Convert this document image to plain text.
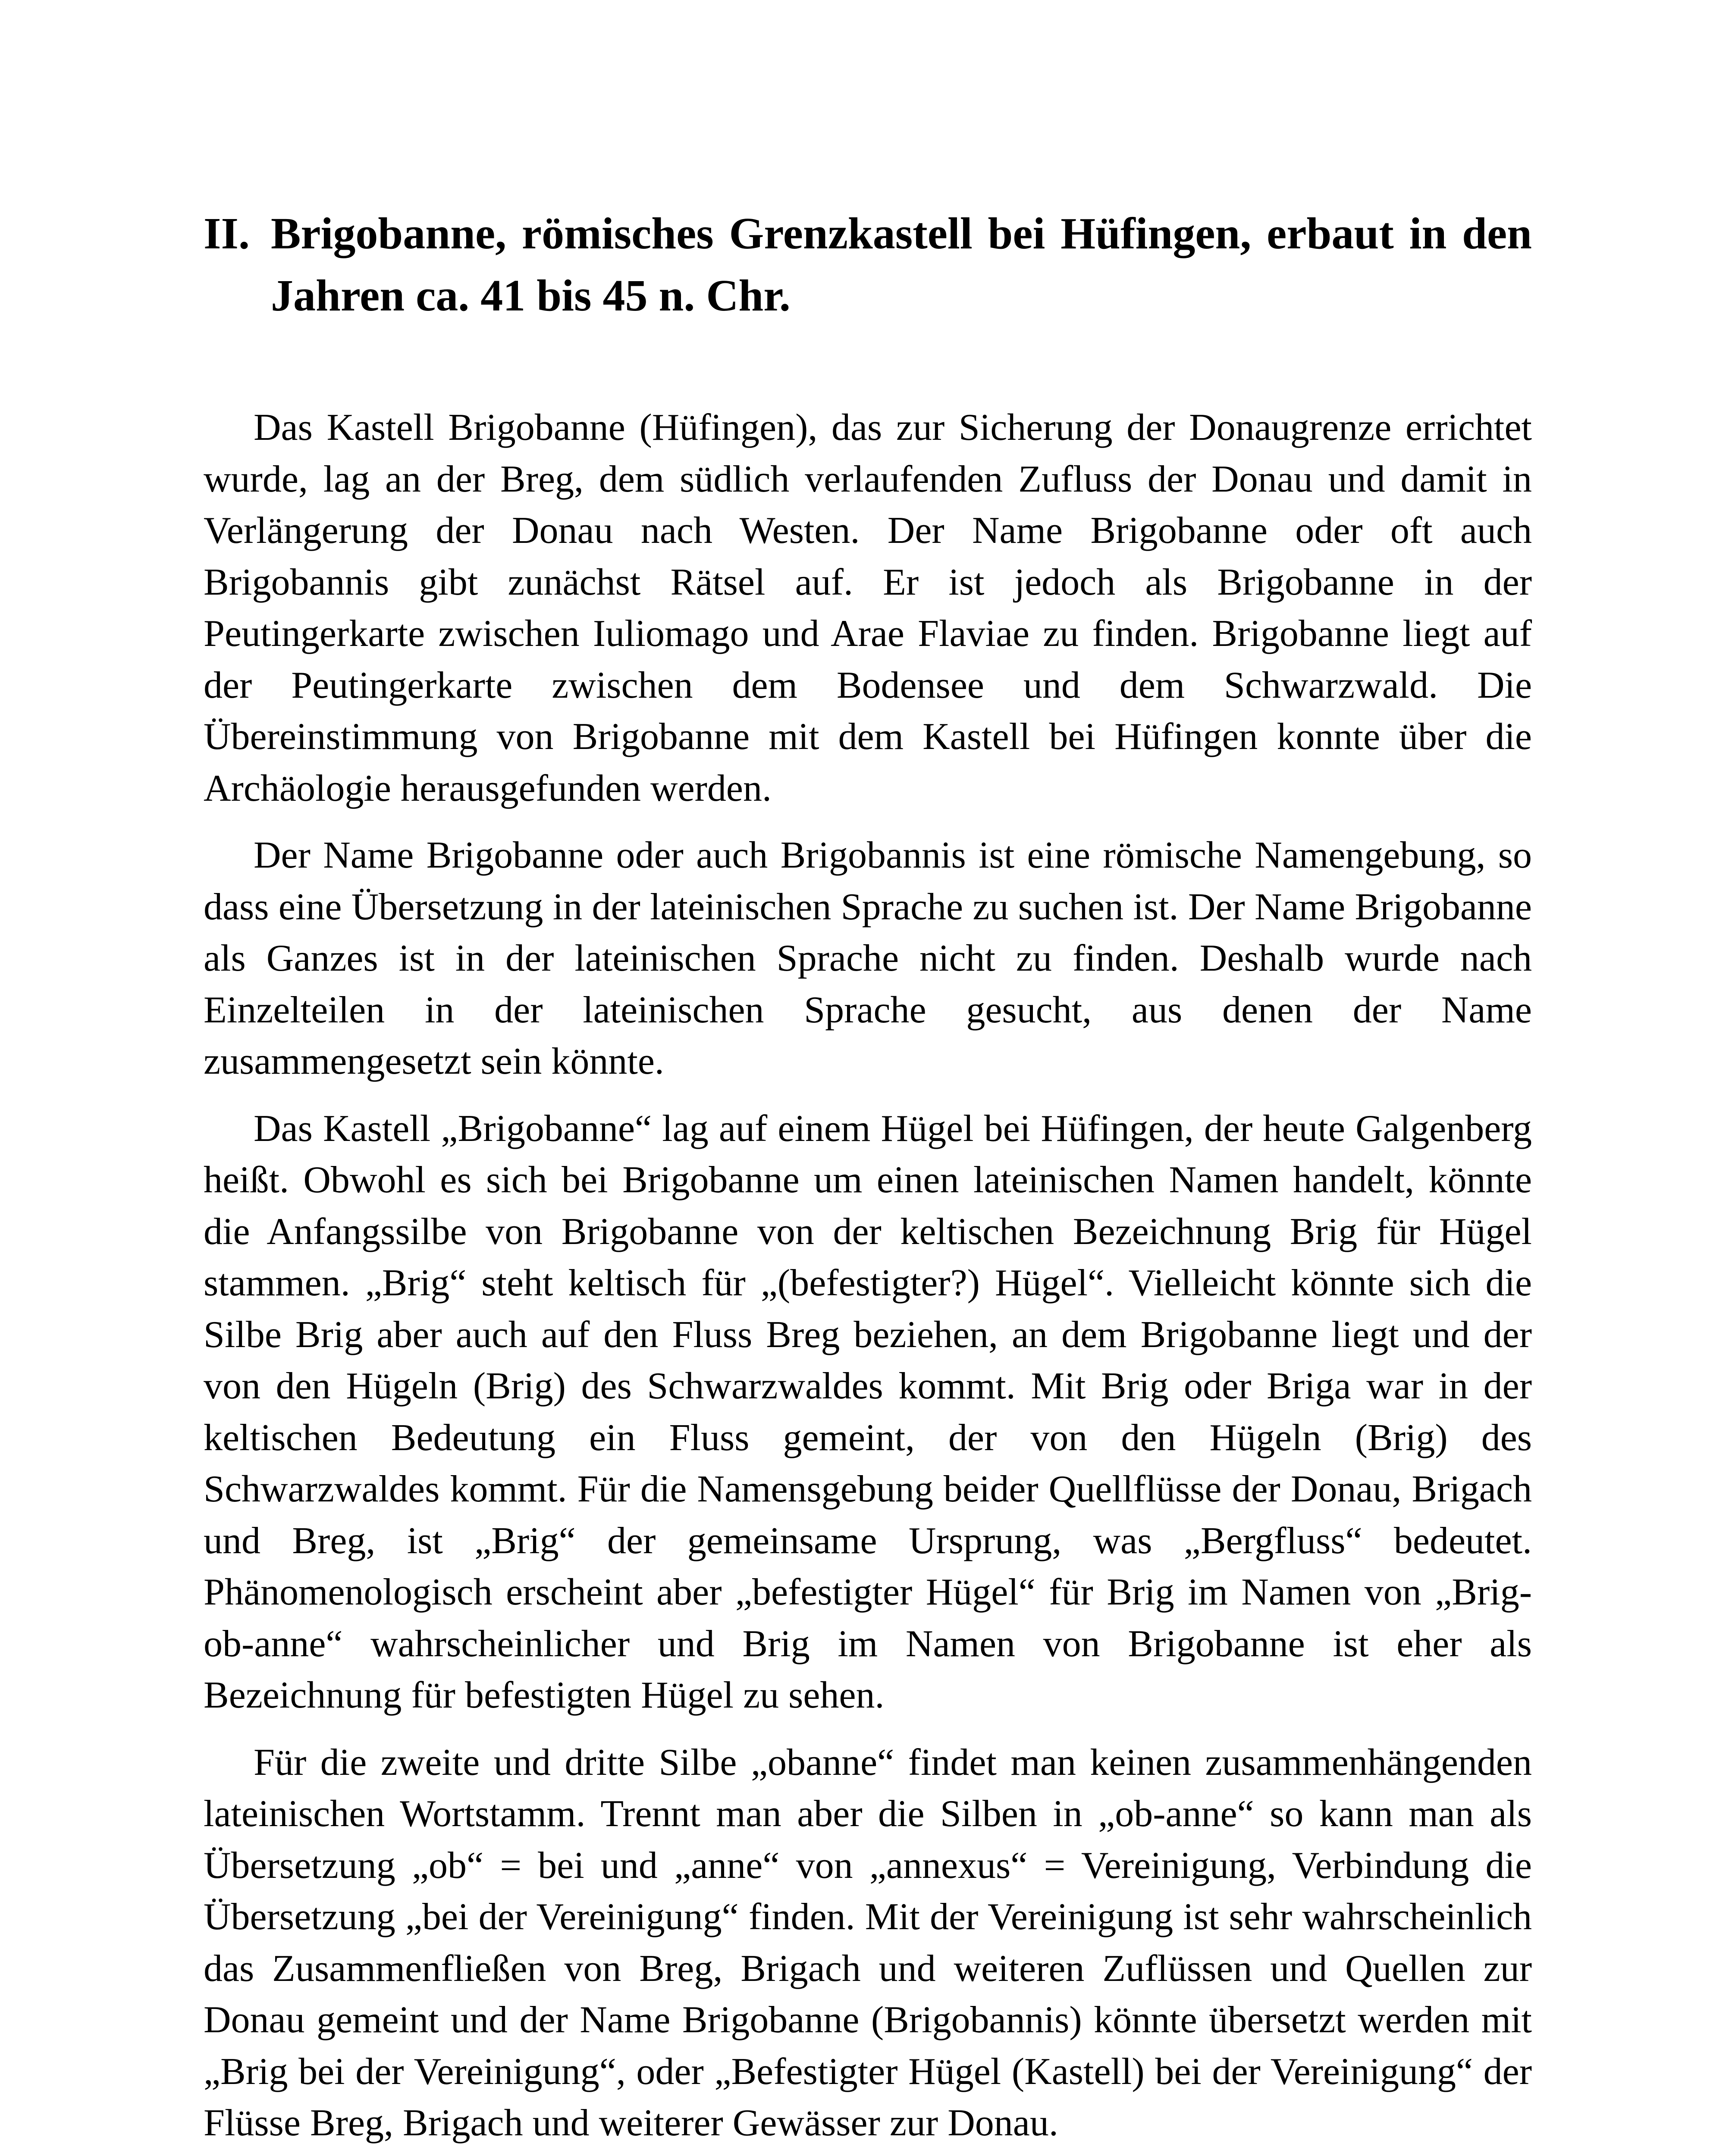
II. Brigobanne, römisches Grenzkastell bei Hüfingen, erbaut in den Jahren ca. 41 bis 45 n. Chr.

Das Kastell Brigobanne (Hüfingen), das zur Sicherung der Donaugrenze errichtet wurde, lag an der Breg, dem südlich verlaufenden Zufluss der Donau und damit in Verlängerung der Donau nach Westen. Der Name Brigobanne oder oft auch Brigobannis gibt zunächst Rätsel auf. Er ist jedoch als Brigobanne in der Peutingerkarte zwischen Iuliomago und Arae Flaviae zu finden. Brigobanne liegt auf der Peutingerkarte zwischen dem Bodensee und dem Schwarzwald. Die Übereinstimmung von Brigobanne mit dem Kastell bei Hüfingen konnte über die Archäologie herausgefunden werden.

Der Name Brigobanne oder auch Brigobannis ist eine römische Namengebung, so dass eine Übersetzung in der lateinischen Sprache zu suchen ist. Der Name Brigobanne als Ganzes ist in der lateinischen Sprache nicht zu finden. Deshalb wurde nach Einzelteilen in der lateinischen Sprache gesucht, aus denen der Name zusammengesetzt sein könnte.

Das Kastell „Brigobanne“ lag auf einem Hügel bei Hüfingen, der heute Galgenberg heißt. Obwohl es sich bei Brigobanne um einen lateinischen Namen handelt, könnte die Anfangssilbe von Brigobanne von der keltischen Bezeichnung Brig für Hügel stammen. „Brig“ steht keltisch für „(befestigter?) Hügel“. Vielleicht könnte sich die Silbe Brig aber auch auf den Fluss Breg beziehen, an dem Brigobanne liegt und der von den Hügeln (Brig) des Schwarzwaldes kommt. Mit Brig oder Briga war in der keltischen Bedeutung ein Fluss gemeint, der von den Hügeln (Brig) des Schwarzwaldes kommt. Für die Namensgebung beider Quellflüsse der Donau, Brigach und Breg, ist „Brig“ der gemeinsame Ursprung, was „Bergfluss“ bedeutet. Phänomenologisch erscheint aber „befestigter Hügel“ für Brig im Namen von „Brig-ob-anne“ wahrscheinlicher und Brig im Namen von Brigobanne ist eher als Bezeichnung für befestigten Hügel zu sehen.

Für die zweite und dritte Silbe „obanne“ findet man keinen zusammenhängenden lateinischen Wortstamm. Trennt man aber die Silben in „ob-anne“ so kann man als Übersetzung „ob“ = bei und „anne“ von „annexus“ = Vereinigung, Verbindung die Übersetzung „bei der Vereinigung“ finden. Mit der Vereinigung ist sehr wahrscheinlich das Zusammenfließen von Breg, Brigach und weiteren Zuflüssen und Quellen zur Donau gemeint und der Name Brigobanne (Brigobannis) könnte übersetzt werden mit „Brig bei der Vereinigung“, oder „Befestigter Hügel (Kastell) bei der Vereinigung“ der Flüsse Breg, Brigach und weiterer Gewässer zur Donau.
